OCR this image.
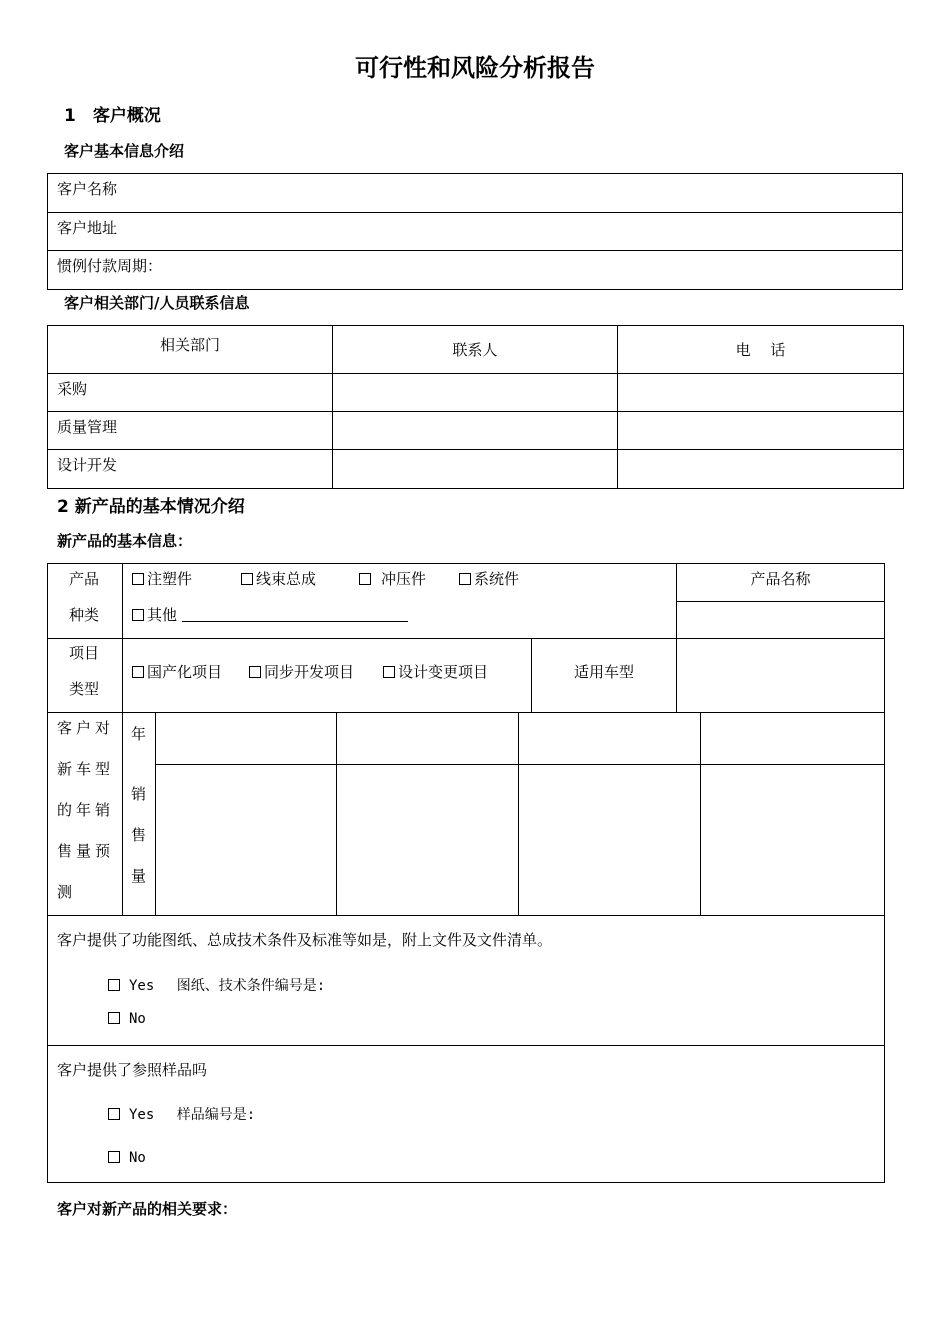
可行性和风险分析报告
1　客户概况
客户基本信息介绍
客户名称
客户地址
惯例付款周期：
客户相关部门/人员联系信息
相关部门	联系人	电　 话
采购		
质量管理		
设计开发		
2 新产品的基本情况介绍
新产品的基本信息：
产品
种类
注塑件	线束总成	冲压件	系统件
其他
产品名称
项目
类型
国产化项目	同步开发项目	设计变更项目	适用车型
客户对
新车型
的年销
售量预
测
年
销
售
量
客户提供了功能图纸、总成技术条件及标准等如是，附上文件及文件清单。
Yes　 图纸、技术条件编号是:
No
客户提供了参照样品吗
Yes　 样品编号是:
No
客户对新产品的相关要求：
